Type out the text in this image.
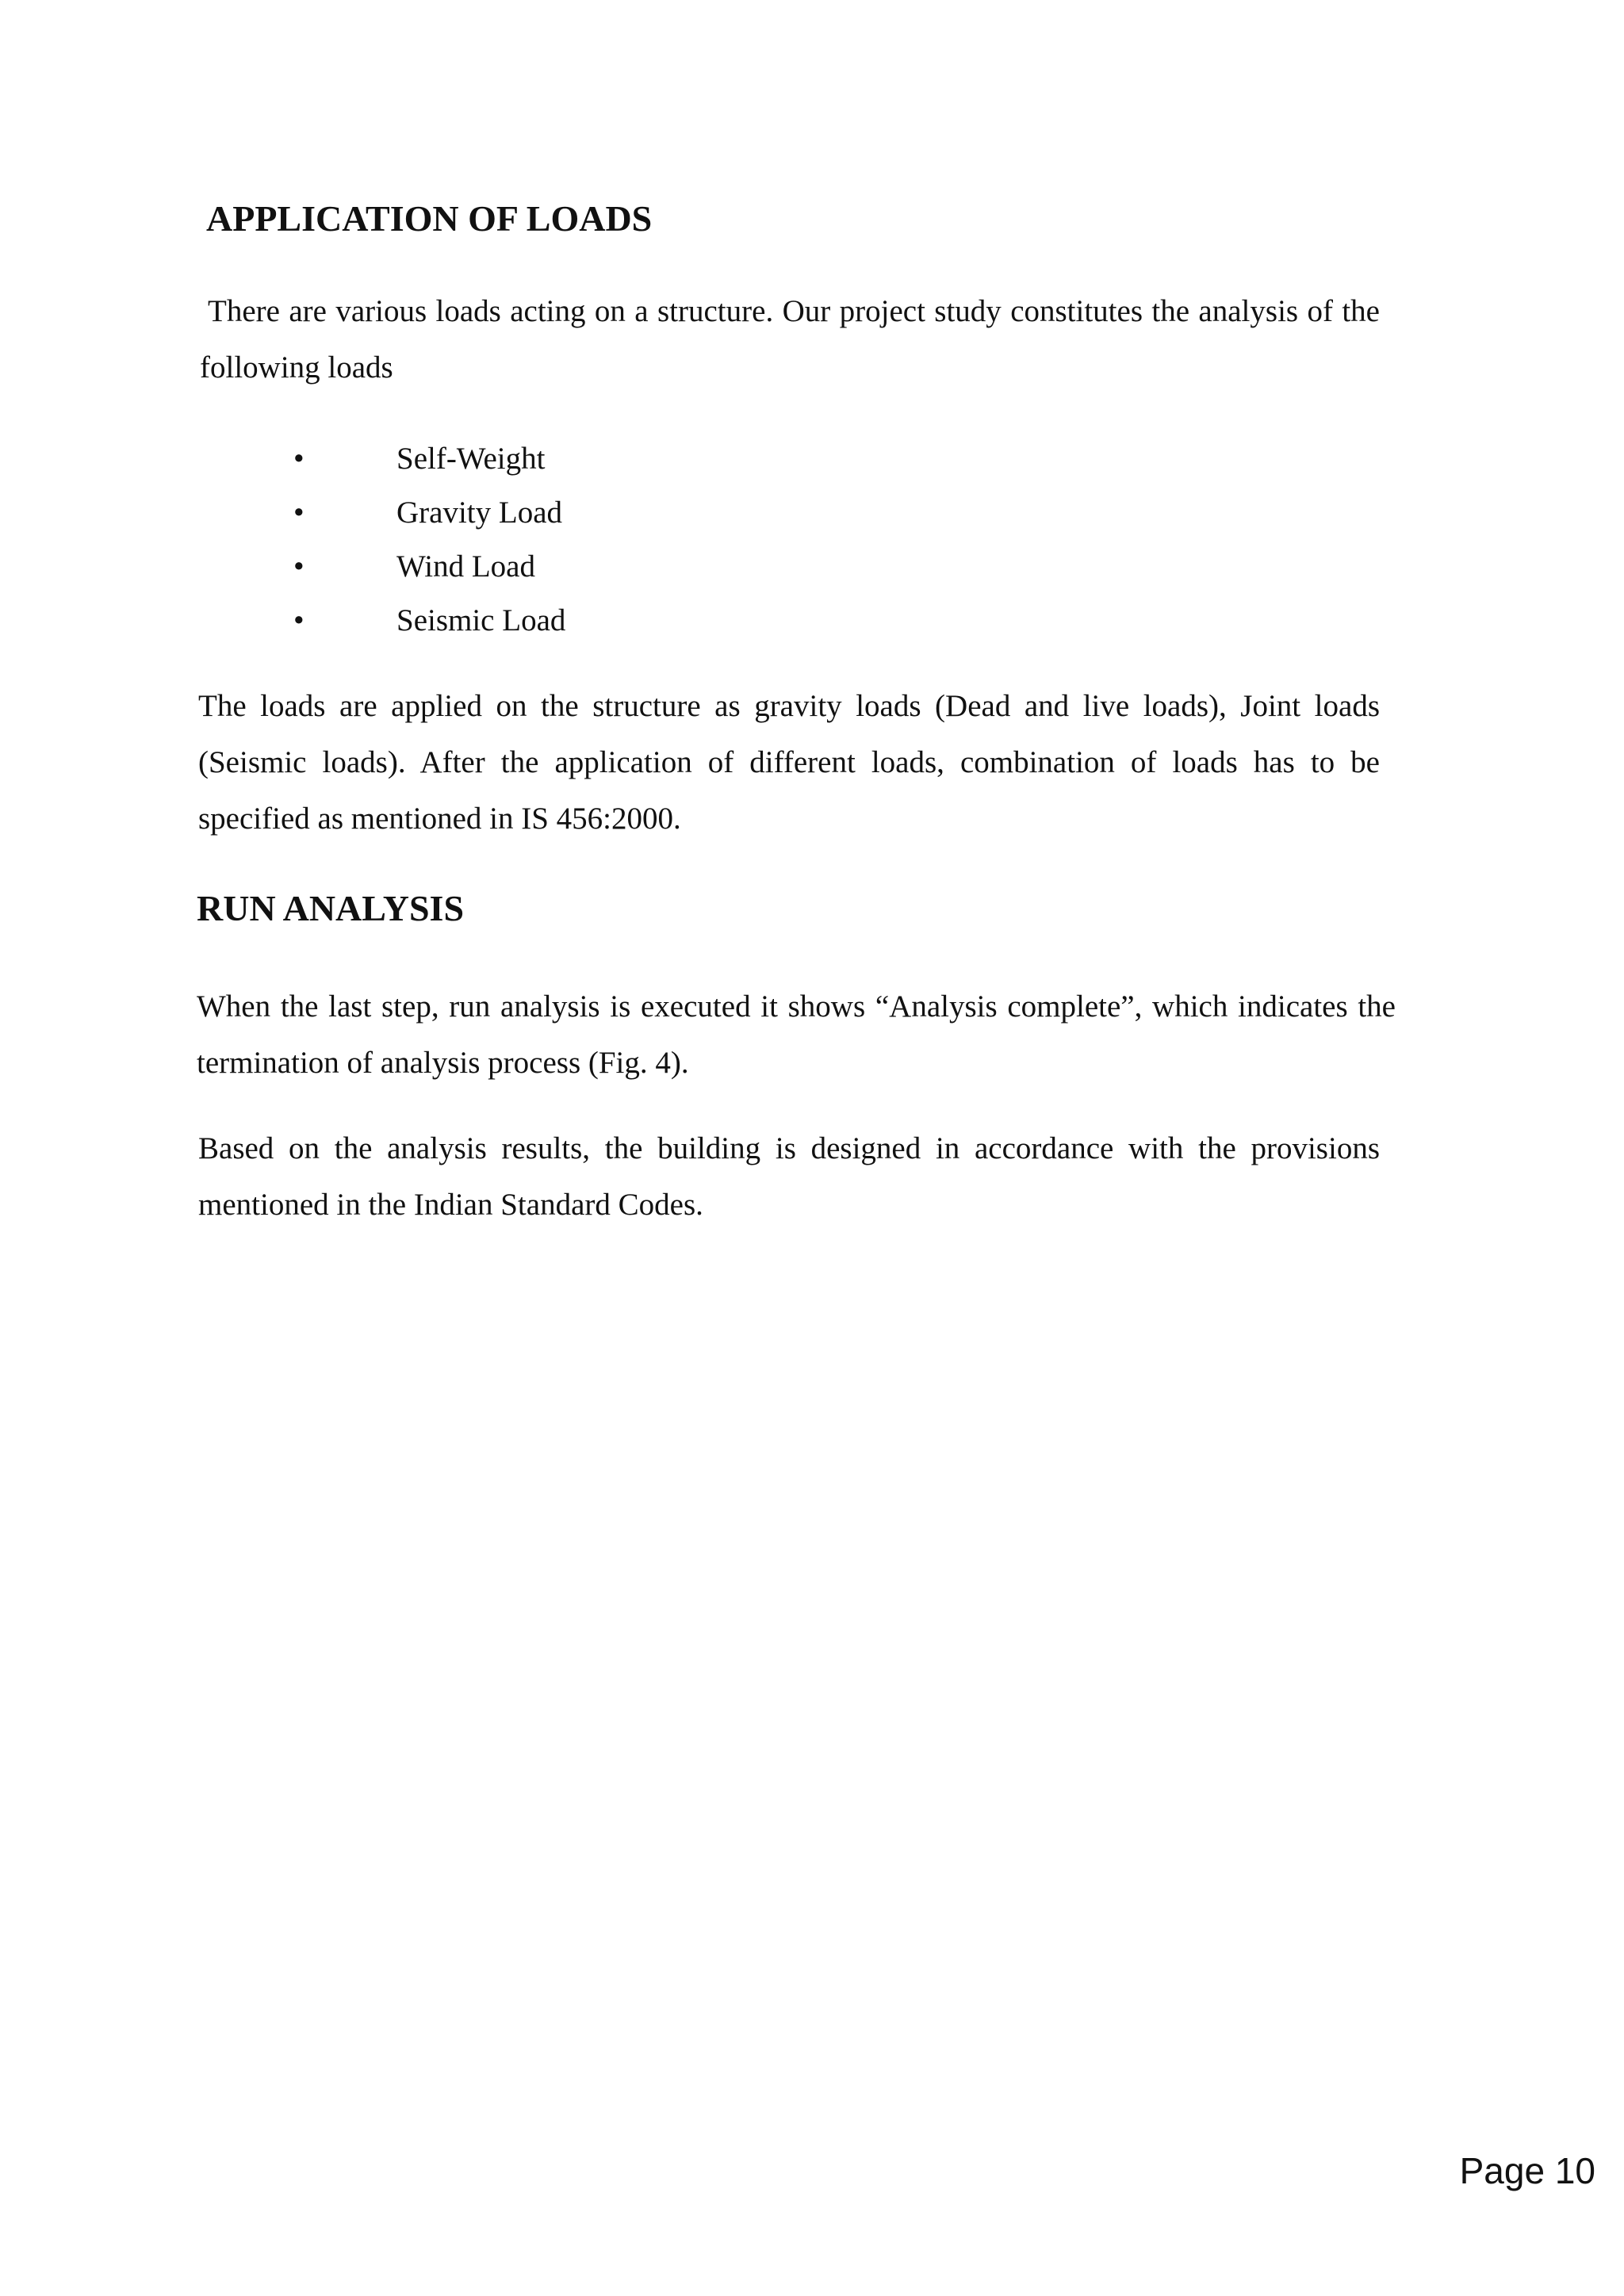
APPLICATION OF LOADS

There are various loads acting on a structure. Our project study constitutes the analysis of the following loads

•	Self-Weight
•	Gravity Load
•	Wind Load
•	Seismic Load

The loads are applied on the structure as gravity loads (Dead and live loads), Joint loads (Seismic loads). After the application of different loads, combination of loads has to be specified as mentioned in IS 456:2000.

RUN ANALYSIS

When the last step, run analysis is executed it shows “Analysis complete”, which indicates the termination of analysis process (Fig. 4).

Based on the analysis results, the building is designed in accordance with the provisions mentioned in the Indian Standard Codes.

Page 10
